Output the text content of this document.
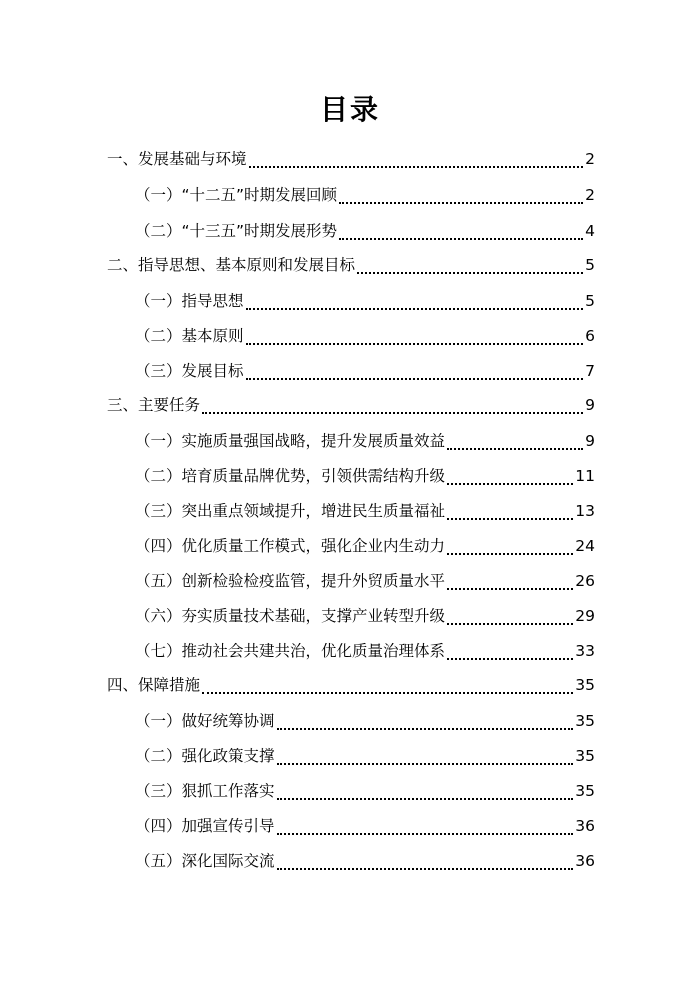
目录
一、发展基础与环境	2
（一）“十二五”时期发展回顾	2
（二）“十三五”时期发展形势	4
二、指导思想、基本原则和发展目标	5
（一）指导思想	5
（二）基本原则	6
（三）发展目标	7
三、主要任务	9
（一）实施质量强国战略，提升发展质量效益	9
（二）培育质量品牌优势，引领供需结构升级	11
（三）突出重点领域提升，增进民生质量福祉	13
（四）优化质量工作模式，强化企业内生动力	24
（五）创新检验检疫监管，提升外贸质量水平	26
（六）夯实质量技术基础，支撑产业转型升级	29
（七）推动社会共建共治，优化质量治理体系	33
四、保障措施	35
（一）做好统筹协调	35
（二）强化政策支撑	35
（三）狠抓工作落实	35
（四）加强宣传引导	36
（五）深化国际交流	36
